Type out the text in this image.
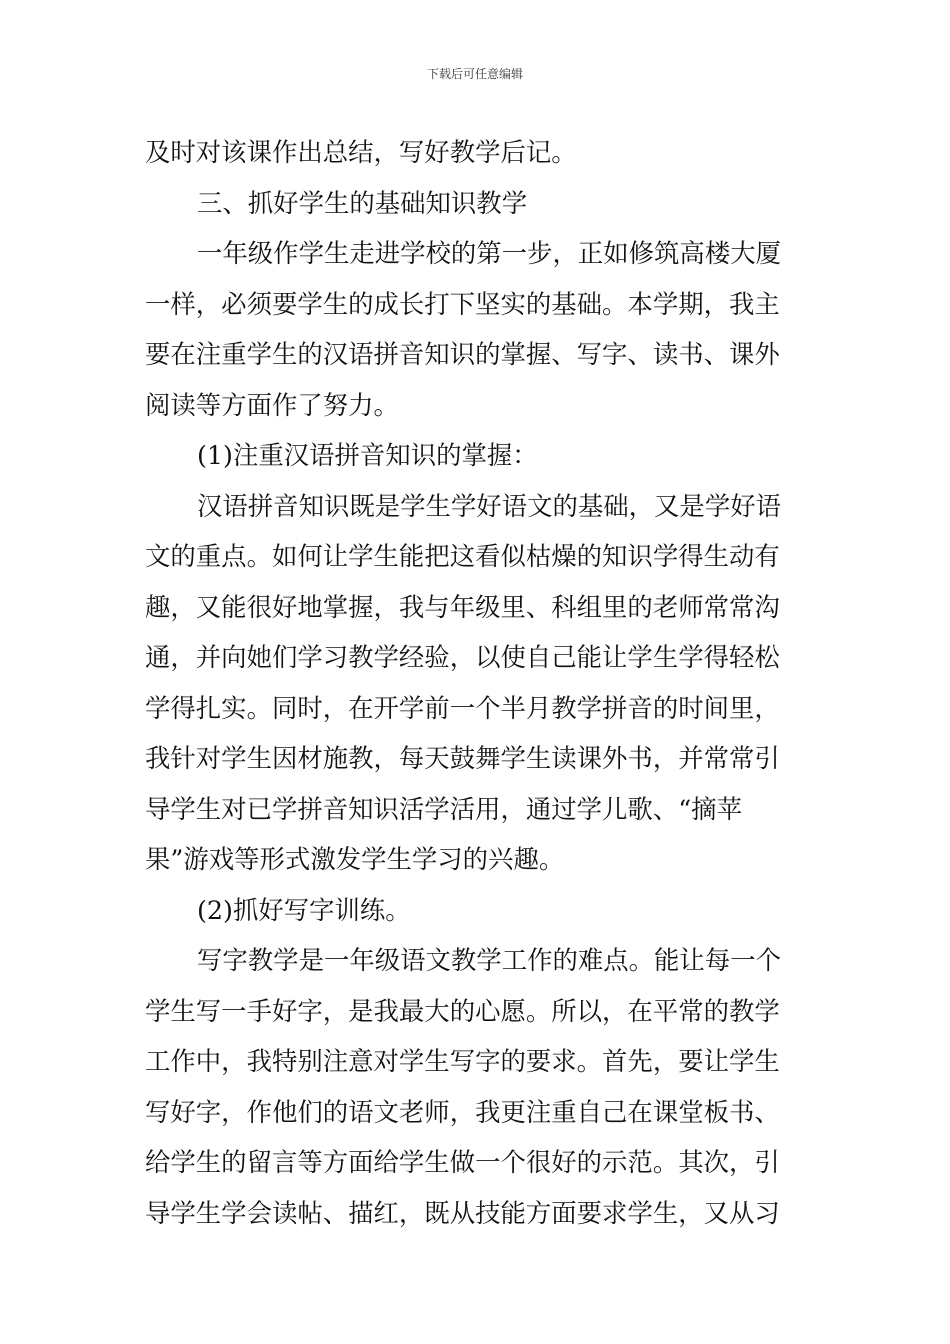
下载后可任意编辑
及时对该课作出总结，写好教学后记。
三、抓好学生的基础知识教学
一年级作学生走进学校的第一步，正如修筑高楼大厦
一样，必须要学生的成长打下坚实的基础。本学期，我主
要在注重学生的汉语拼音知识的掌握、写字、读书、课外
阅读等方面作了努力。
(1)注重汉语拼音知识的掌握：
汉语拼音知识既是学生学好语文的基础，又是学好语
文的重点。如何让学生能把这看似枯燥的知识学得生动有
趣，又能很好地掌握，我与年级里、科组里的老师常常沟
通，并向她们学习教学经验，以使自己能让学生学得轻松
学得扎实。同时，在开学前一个半月教学拼音的时间里，
我针对学生因材施教，每天鼓舞学生读课外书，并常常引
导学生对已学拼音知识活学活用，通过学儿歌、“摘苹
果”游戏等形式激发学生学习的兴趣。
(2)抓好写字训练。
写字教学是一年级语文教学工作的难点。能让每一个
学生写一手好字，是我最大的心愿。所以，在平常的教学
工作中，我特别注意对学生写字的要求。首先，要让学生
写好字，作他们的语文老师，我更注重自己在课堂板书、
给学生的留言等方面给学生做一个很好的示范。其次，引
导学生学会读帖、描红，既从技能方面要求学生，又从习
